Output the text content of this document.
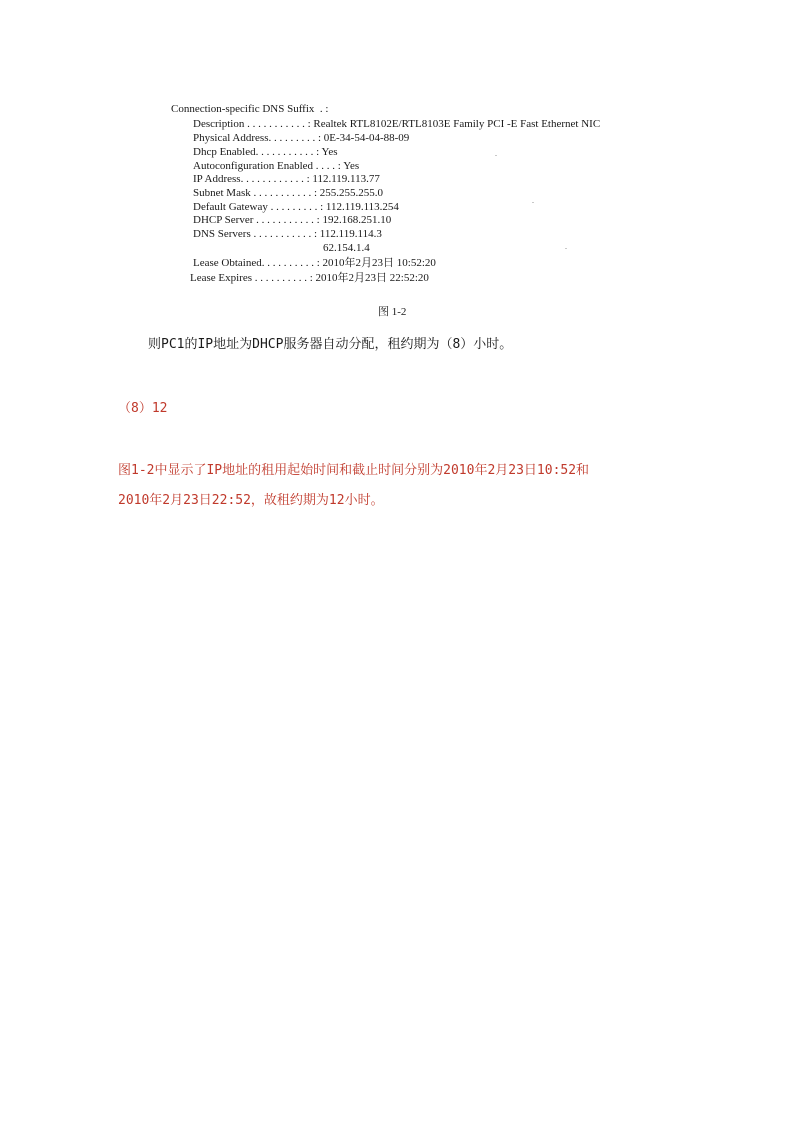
Connection-specific DNS Suffix  . :
Description . . . . . . . . . . . : Realtek RTL8102E/RTL8103E Family PCI -E Fast Ethernet NIC
Physical Address. . . . . . . . . : 0E-34-54-04-88-09
Dhcp Enabled. . . . . . . . . . . : Yes
Autoconfiguration Enabled . . . . : Yes
IP Address. . . . . . . . . . . . : 112.119.113.77
Subnet Mask . . . . . . . . . . . : 255.255.255.0
Default Gateway . . . . . . . . . : 112.119.113.254
DHCP Server . . . . . . . . . . . : 192.168.251.10
DNS Servers . . . . . . . . . . . : 112.119.114.3
62.154.1.4
Lease Obtained. . . . . . . . . . : 2010年2月23日 10:52:20
Lease Expires . . . . . . . . . . : 2010年2月23日 22:52:20
图 1-2
则PC1的IP地址为DHCP服务器自动分配，租约期为（8）小时。
（8）12
图1-2中显示了IP地址的租用起始时间和截止时间分别为2010年2月23日10:52和
2010年2月23日22:52，故租约期为12小时。
